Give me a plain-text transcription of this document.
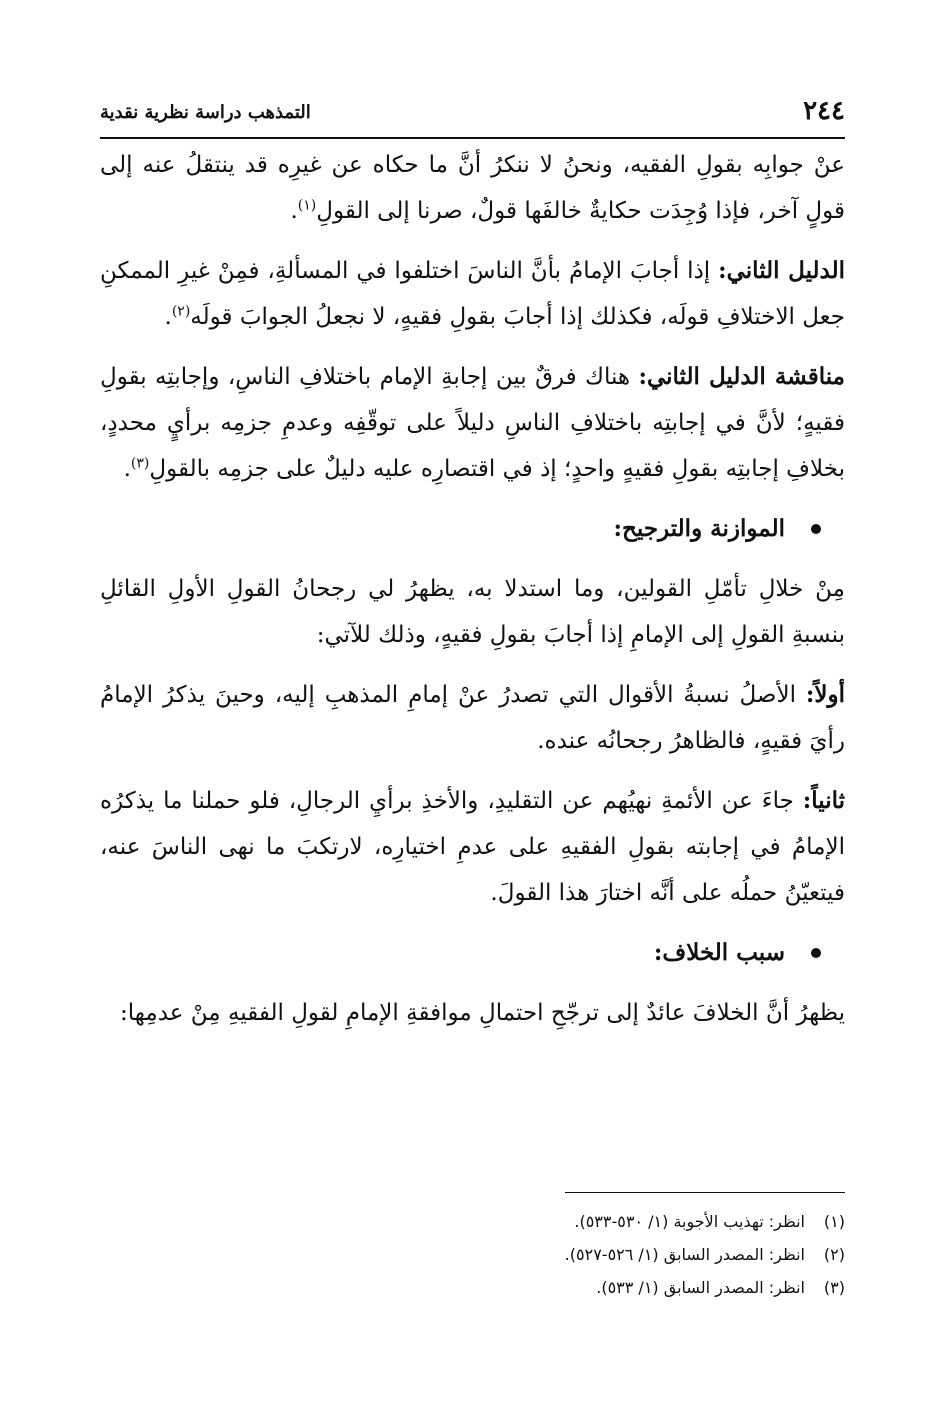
٢٤٤
التمذهب دراسة نظرية نقدية

عنْ جوابِه بقولِ الفقيه، ونحنُ لا ننكرُ أنَّ ما حكاه عن غيرِه قد ينتقلُ عنه إلى قولٍ آخر، فإذا وُجِدَت حكايةٌ خالفَها قولٌ، صرنا إلى القولِ$^{(١)}$.

الدليل الثاني: إذا أجابَ الإمامُ بأنَّ الناسَ اختلفوا في المسألةِ، فمِنْ غيرِ الممكنِ جعل الاختلافِ قولَه، فكذلك إذا أجابَ بقولِ فقيهٍ، لا نجعلُ الجوابَ قولَه$^{(٢)}$.

مناقشة الدليل الثاني: هناك فرقٌ بين إجابةِ الإمام باختلافِ الناسِ، وإجابتِه بقولِ فقيهٍ؛ لأنَّ في إجابتِه باختلافِ الناسِ دليلاً على توقّفِه وعدمِ جزمِه برأيٍ محددٍ، بخلافِ إجابتِه بقولِ فقيهٍ واحدٍ؛ إذ في اقتصارِه عليه دليلٌ على جزمِه بالقولِ$^{(٣)}$.

الموازنة والترجيح:

مِنْ خلالِ تأمّلِ القولين، وما استدلا به، يظهرُ لي رجحانُ القولِ الأولِ القائلِ بنسبةِ القولِ إلى الإمامِ إذا أجابَ بقولِ فقيهٍ، وذلك للآتي:

أولاً: الأصلُ نسبةُ الأقوال التي تصدرُ عنْ إمامِ المذهبِ إليه، وحينَ يذكرُ الإمامُ رأيَ فقيهٍ، فالظاهرُ رجحانُه عنده.

ثانياً: جاءَ عن الأئمةِ نهيُهم عن التقليدِ، والأخذِ برأيِ الرجالِ، فلو حملنا ما يذكرُه الإمامُ في إجابته بقولِ الفقيهِ على عدمِ اختيارِه، لارتكبَ ما نهى الناسَ عنه، فيتعيّنُ حملُه على أنَّه اختارَ هذا القولَ.

سبب الخلاف:

يظهرُ أنَّ الخلافَ عائدٌ إلى ترجّحِ احتمالِ موافقةِ الإمامِ لقولِ الفقيهِ مِنْ عدمِها:

(١)انظر: تهذيب الأجوبة (١/ ٥٣٠-٥٣٣).
(٢)انظر: المصدر السابق (١/ ٥٢٦-٥٢٧).
(٣)انظر: المصدر السابق (١/ ٥٣٣).
